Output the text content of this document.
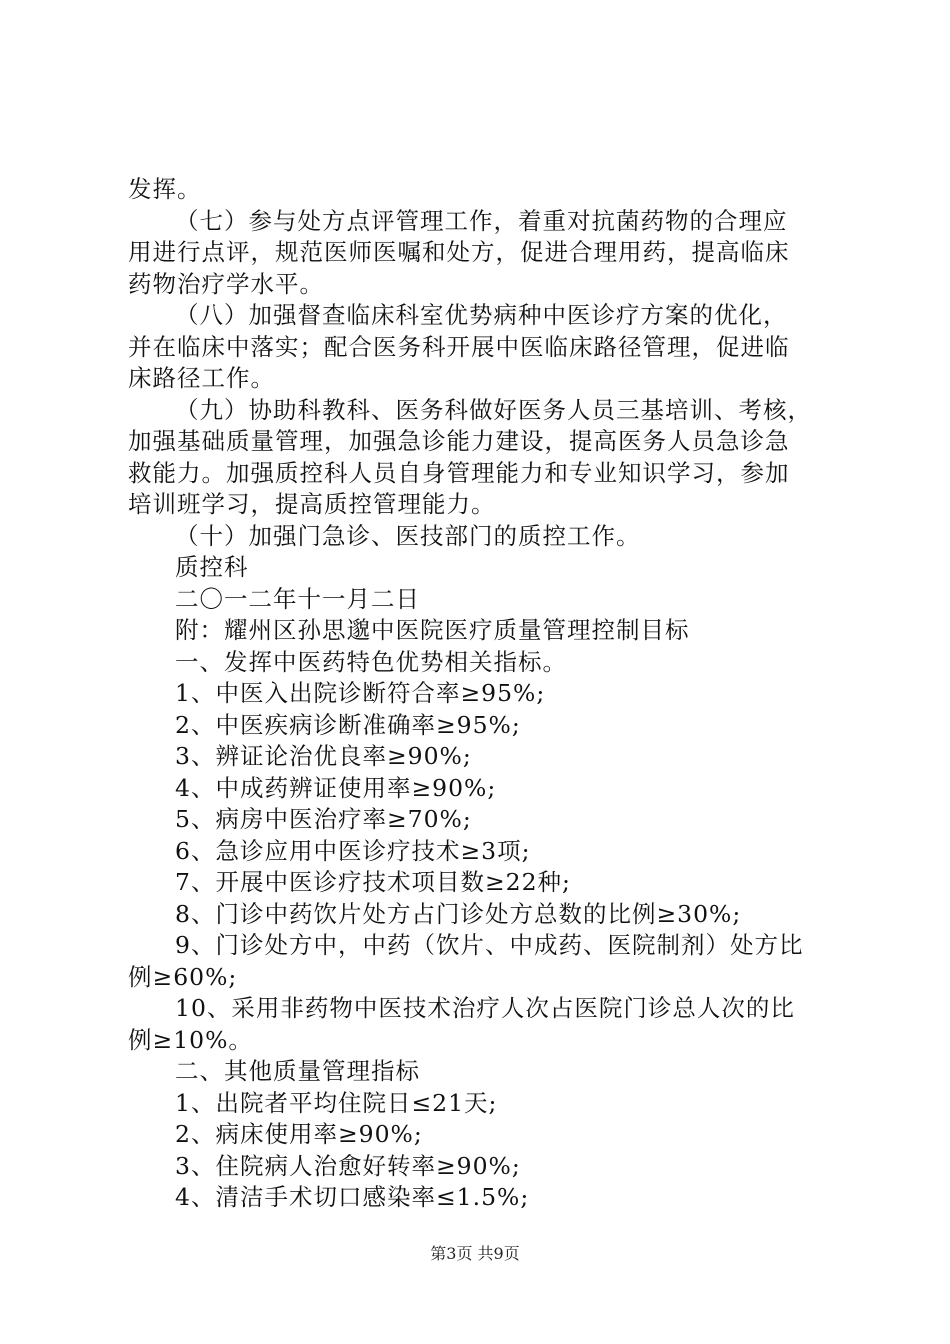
发挥。
（七）参与处方点评管理工作，着重对抗菌药物的合理应
用进行点评，规范医师医嘱和处方，促进合理用药，提高临床
药物治疗学水平。
（八）加强督查临床科室优势病种中医诊疗方案的优化，
并在临床中落实；配合医务科开展中医临床路径管理，促进临
床路径工作。
（九）协助科教科、医务科做好医务人员三基培训、考核，
加强基础质量管理，加强急诊能力建设，提高医务人员急诊急
救能力。加强质控科人员自身管理能力和专业知识学习，参加
培训班学习，提高质控管理能力。
（十）加强门急诊、医技部门的质控工作。
质控科
二〇一二年十一月二日
附：耀州区孙思邈中医院医疗质量管理控制目标
一、发挥中医药特色优势相关指标。
1、中医入出院诊断符合率≥95%;
2、中医疾病诊断准确率≥95%;
3、辨证论治优良率≥90%;
4、中成药辨证使用率≥90%;
5、病房中医治疗率≥70%;
6、急诊应用中医诊疗技术≥3项;
7、开展中医诊疗技术项目数≥22种;
8、门诊中药饮片处方占门诊处方总数的比例≥30%;
9、门诊处方中，中药（饮片、中成药、医院制剂）处方比
例≥60%;
10、采用非药物中医技术治疗人次占医院门诊总人次的比
例≥10%。
二、其他质量管理指标
1、出院者平均住院日≤21天;
2、病床使用率≥90%;
3、住院病人治愈好转率≥90%;
4、清洁手术切口感染率≤1.5%;
第3页 共9页
